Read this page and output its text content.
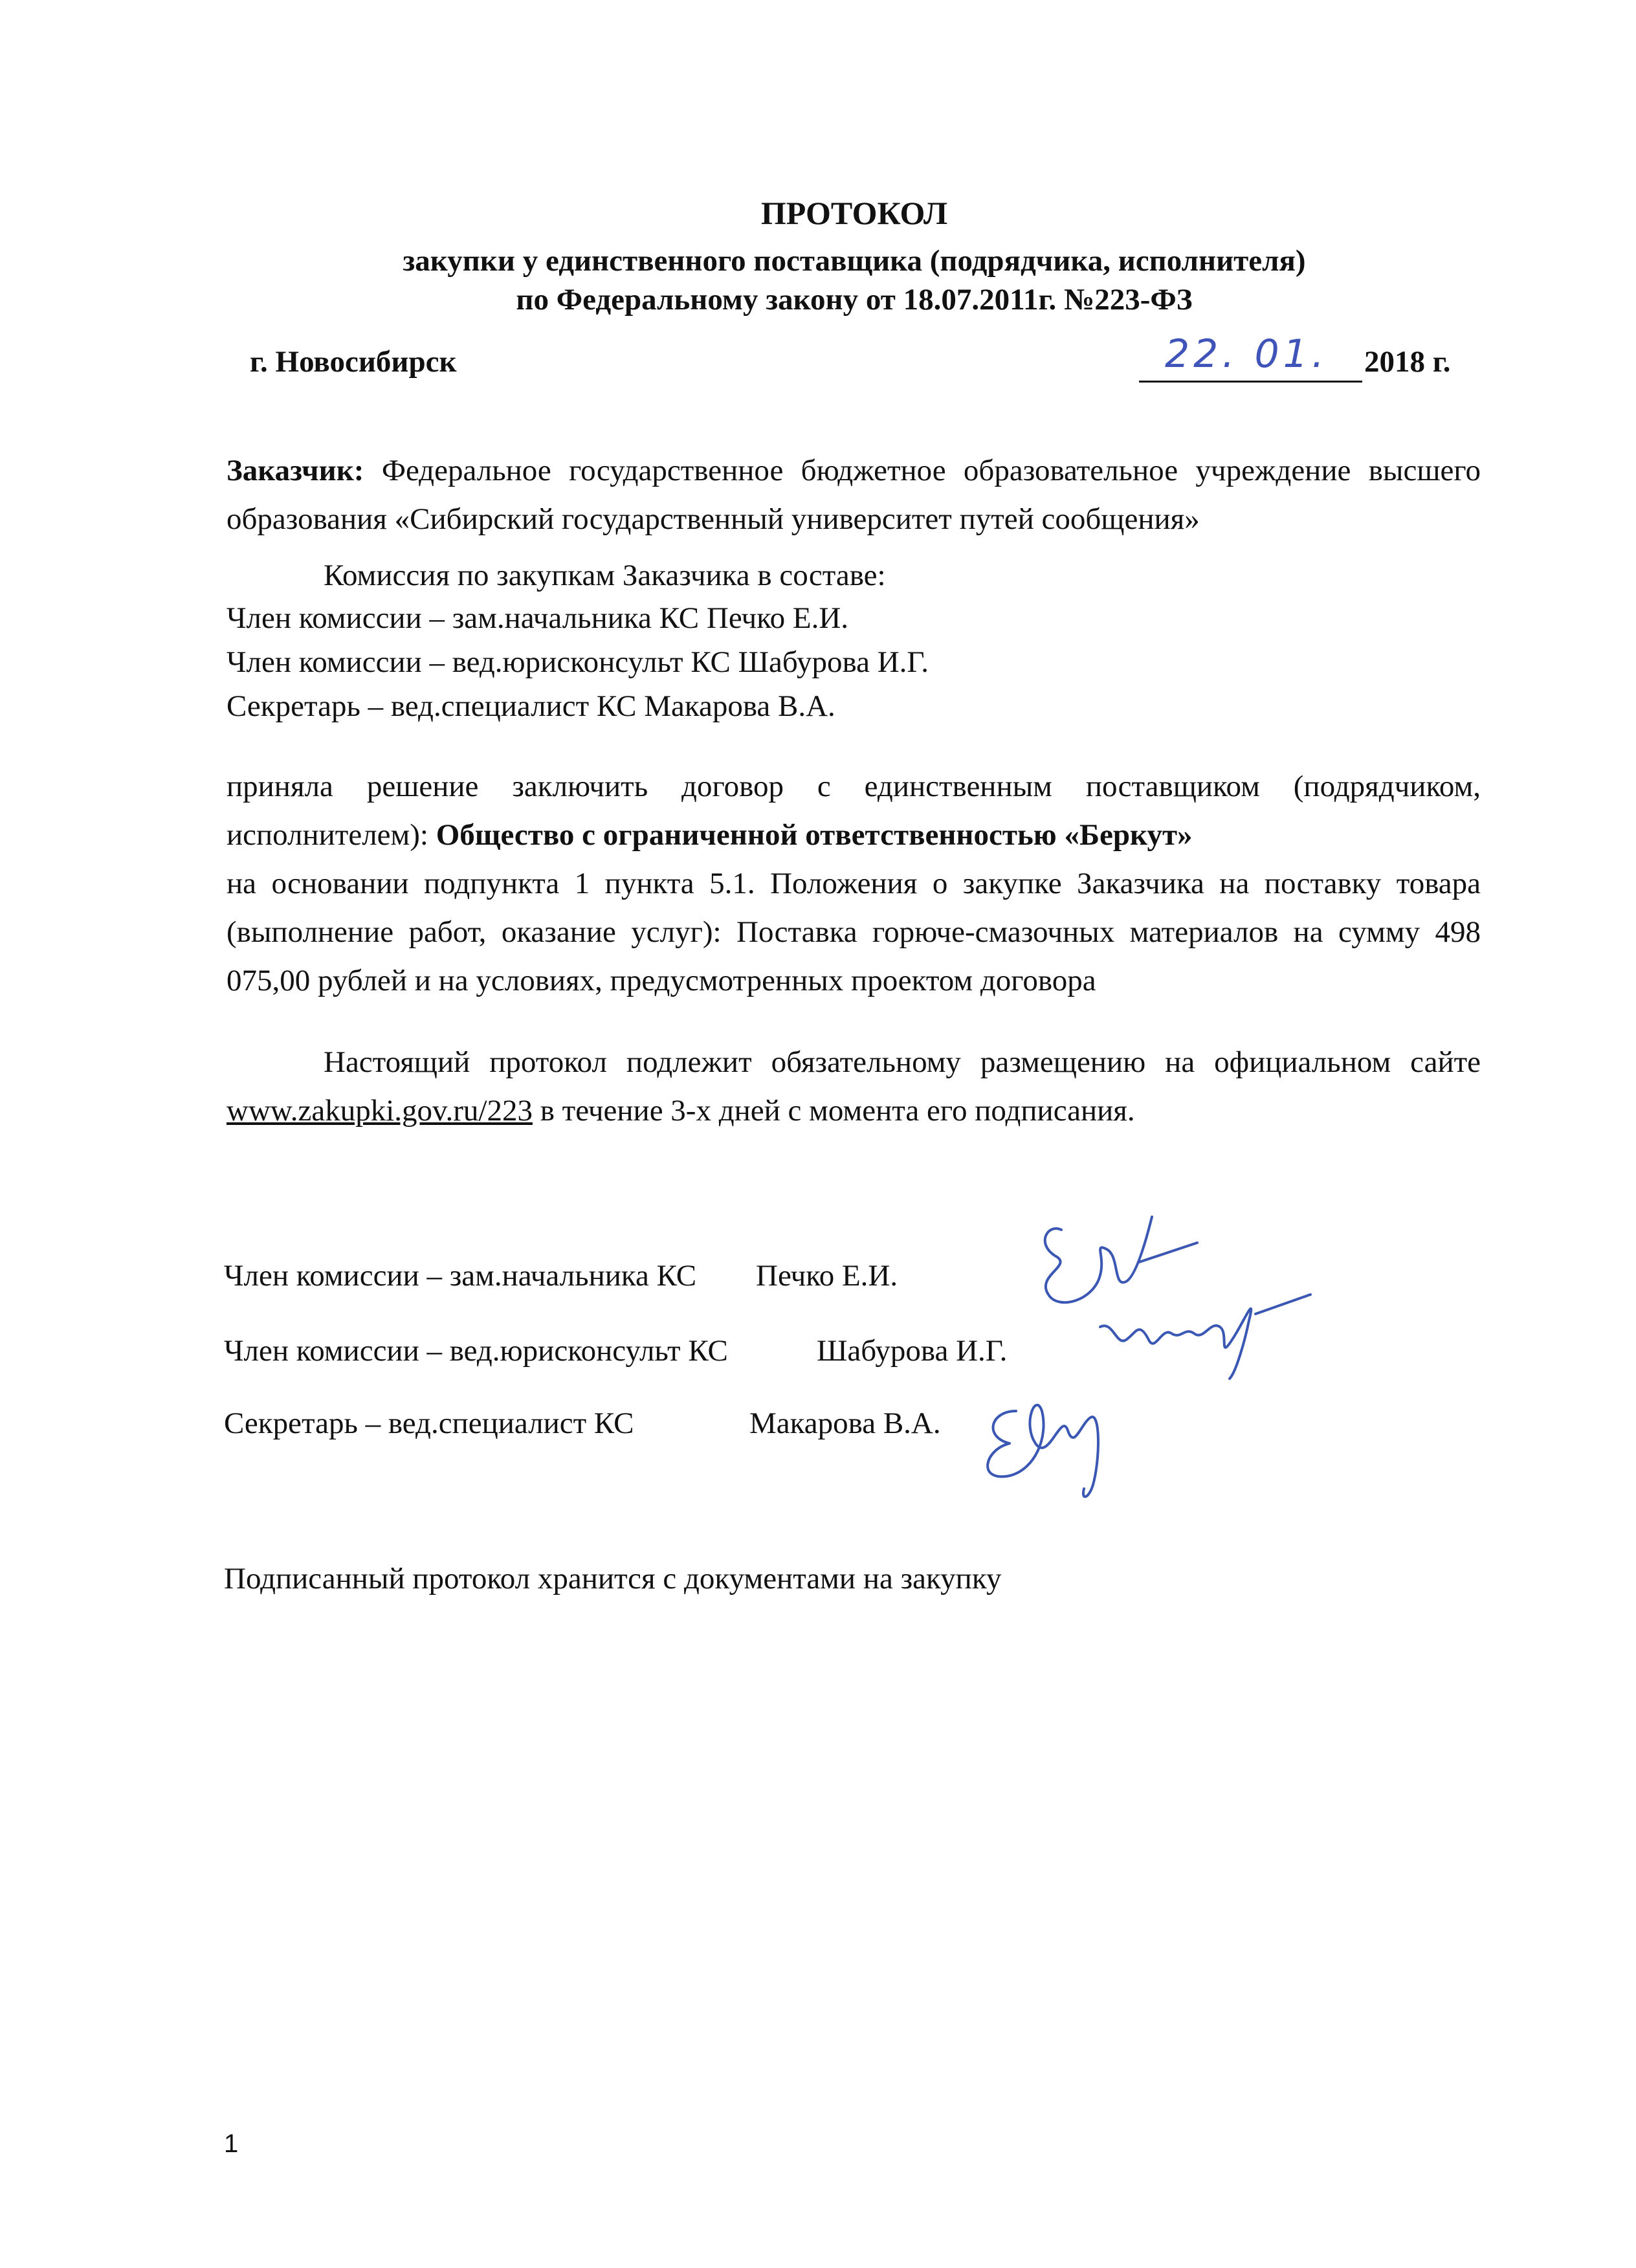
ПРОТОКОЛ
закупки у единственного поставщика (подрядчика, исполнителя)
по Федеральному закону от 18.07.2011г. №223-ФЗ
г. Новосибирск	22. 01. 2018 г.
Заказчик: Федеральное государственное бюджетное образовательное учреждение высшего образования «Сибирский государственный университет путей сообщения»
Комиссия по закупкам Заказчика в составе:
Член комиссии – зам.начальника КС Печко Е.И.
Член комиссии – вед.юрисконсульт КС Шабурова И.Г.
Секретарь – вед.специалист КС Макарова В.А.
приняла решение заключить договор с единственным поставщиком (подрядчиком, исполнителем): Общество с ограниченной ответственностью «Беркут»
на основании подпункта 1 пункта 5.1. Положения о закупке Заказчика на поставку товара (выполнение работ, оказание услуг): Поставка горюче-смазочных материалов на сумму 498 075,00 рублей и на условиях, предусмотренных проектом договора
Настоящий протокол подлежит обязательному размещению на официальном сайте www.zakupki.gov.ru/223 в течение 3-х дней с момента его подписания.
Член комиссии – зам.начальника КС Печко Е.И.
Член комиссии – вед.юрисконсульт КС	Шабурова И.Г.
Секретарь – вед.специалист КС	Макарова В.А.
Подписанный протокол хранится с документами на закупку
1
